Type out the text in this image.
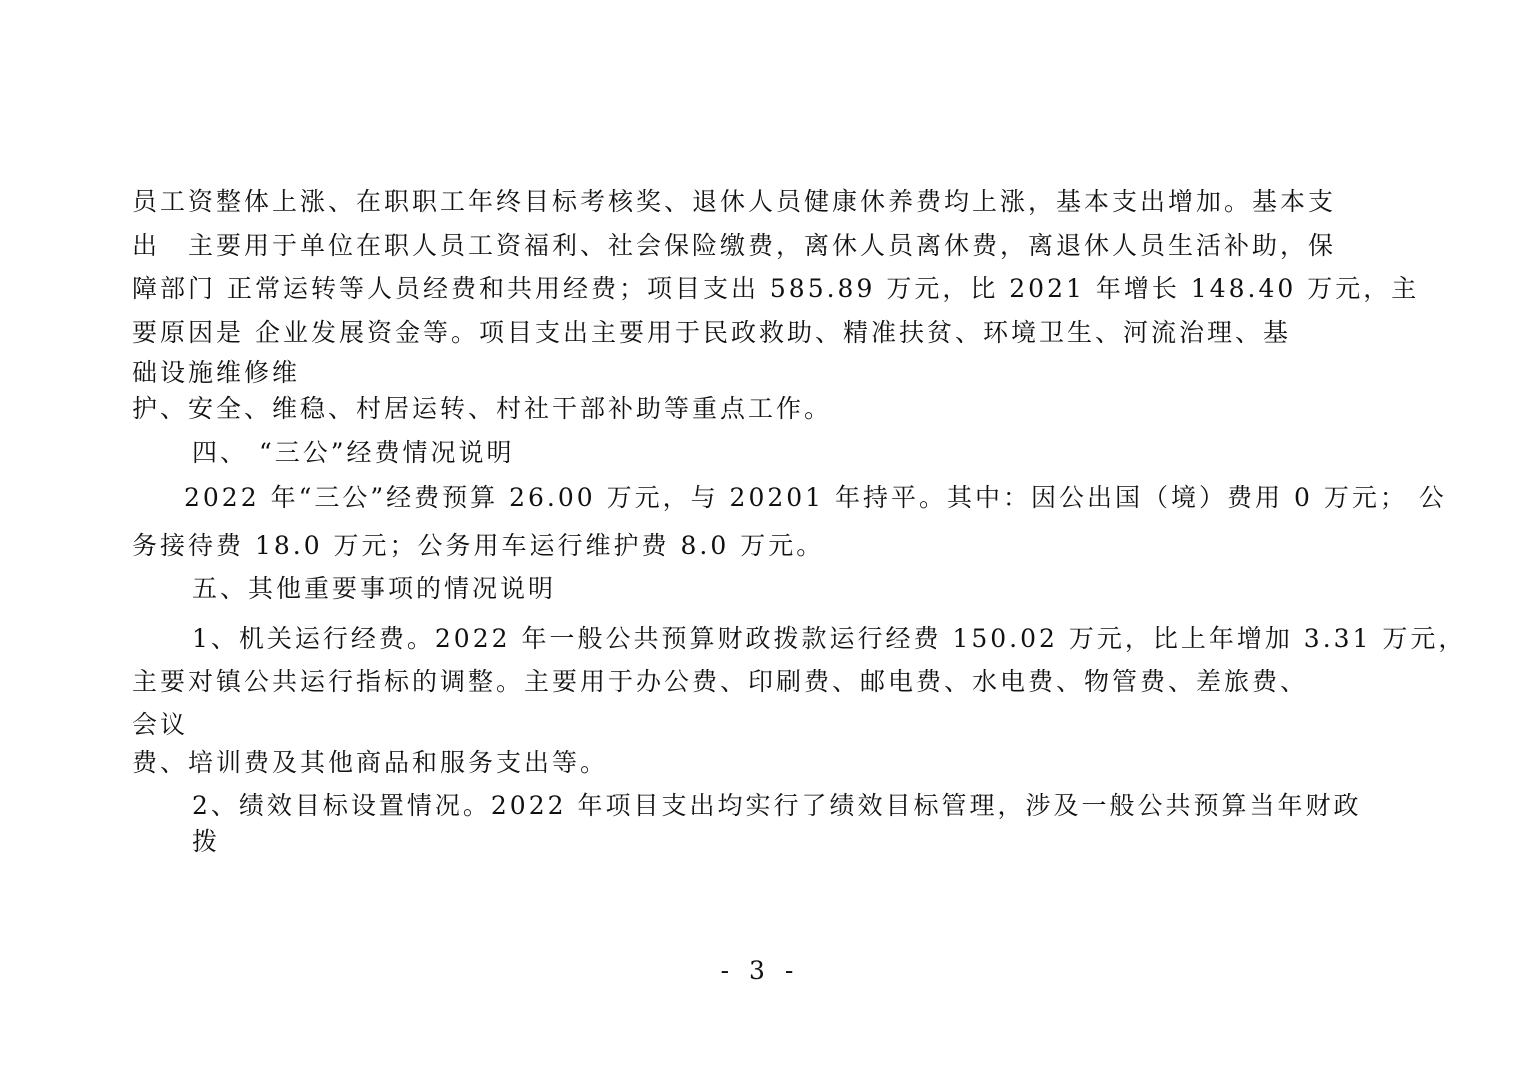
员工资整体上涨、在职职工年终目标考核奖、退休人员健康休养费均上涨，基本支出增加。基本支
出　主要用于单位在职人员工资福利、社会保险缴费，离休人员离休费，离退休人员生活补助，保
障部门 正常运转等人员经费和共用经费；项目支出 585.89 万元，比 2021 年增长 148.40 万元，主
要原因是 企业发展资金等。项目支出主要用于民政救助、精准扶贫、环境卫生、河流治理、基
础设施维修维
护、安全、维稳、村居运转、村社干部补助等重点工作。
四、 “三公”经费情况说明
2022 年“三公”经费预算 26.00 万元，与 20201 年持平。其中：因公出国（境）费用 0 万元； 公
务接待费 18.0 万元；公务用车运行维护费 8.0 万元。
五、其他重要事项的情况说明
1、机关运行经费。2022 年一般公共预算财政拨款运行经费 150.02 万元，比上年增加 3.31 万元，
主要对镇公共运行指标的调整。主要用于办公费、印刷费、邮电费、水电费、物管费、差旅费、
会议
费、培训费及其他商品和服务支出等。
2、绩效目标设置情况。2022 年项目支出均实行了绩效目标管理，涉及一般公共预算当年财政
拨
- 3 -
